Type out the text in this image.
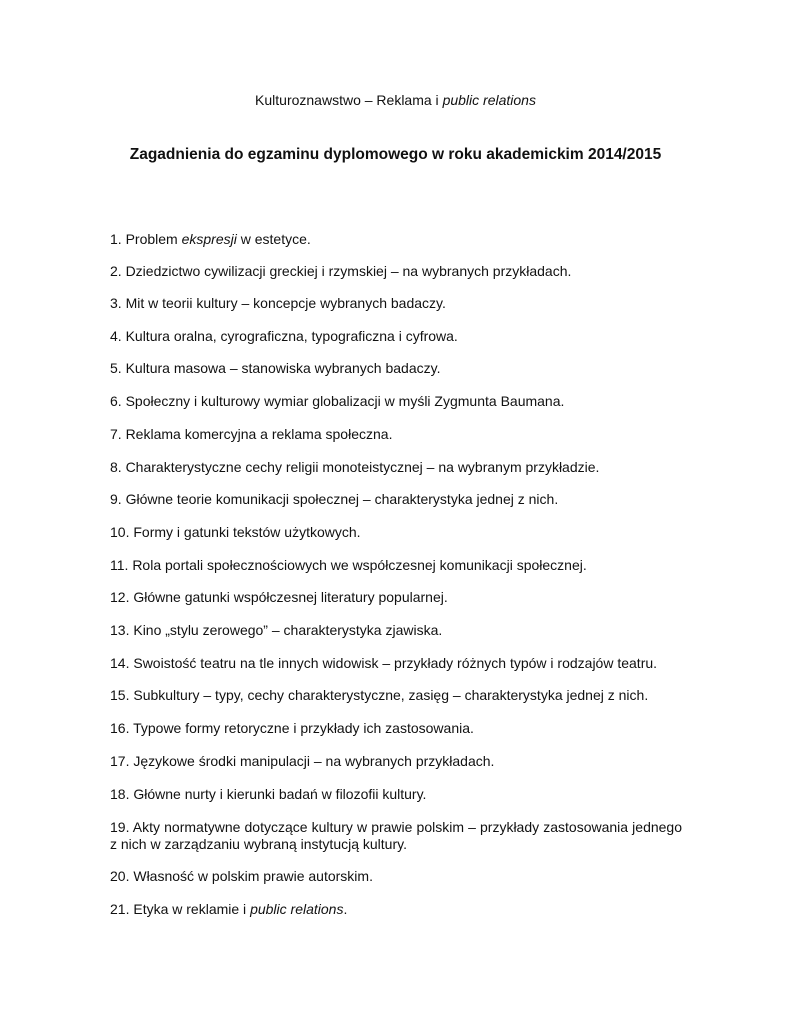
Kulturoznawstwo – Reklama i public relations
Zagadnienia do egzaminu dyplomowego w roku akademickim 2014/2015
1. Problem ekspresji w estetyce.
2. Dziedzictwo cywilizacji greckiej i rzymskiej – na wybranych przykładach.
3. Mit w teorii kultury – koncepcje wybranych badaczy.
4. Kultura oralna, cyrograficzna, typograficzna i cyfrowa.
5. Kultura masowa – stanowiska wybranych badaczy.
6. Społeczny i kulturowy wymiar globalizacji w myśli Zygmunta Baumana.
7. Reklama komercyjna a reklama społeczna.
8. Charakterystyczne cechy religii monoteistycznej – na wybranym przykładzie.
9. Główne teorie komunikacji społecznej – charakterystyka jednej z nich.
10. Formy i gatunki tekstów użytkowych.
11. Rola portali społecznościowych we współczesnej komunikacji społecznej.
12. Główne gatunki współczesnej literatury popularnej.
13. Kino „stylu zerowego” – charakterystyka zjawiska.
14. Swoistość teatru na tle innych widowisk – przykłady różnych typów i rodzajów teatru.
15. Subkultury – typy, cechy charakterystyczne, zasięg – charakterystyka jednej z nich.
16. Typowe formy retoryczne i przykłady ich zastosowania.
17. Językowe środki manipulacji – na wybranych przykładach.
18. Główne nurty i kierunki badań w filozofii kultury.
19. Akty normatywne dotyczące kultury w prawie polskim – przykłady zastosowania jednego z nich w zarządzaniu wybraną instytucją kultury.
20. Własność w polskim prawie autorskim.
21. Etyka w reklamie i public relations.
